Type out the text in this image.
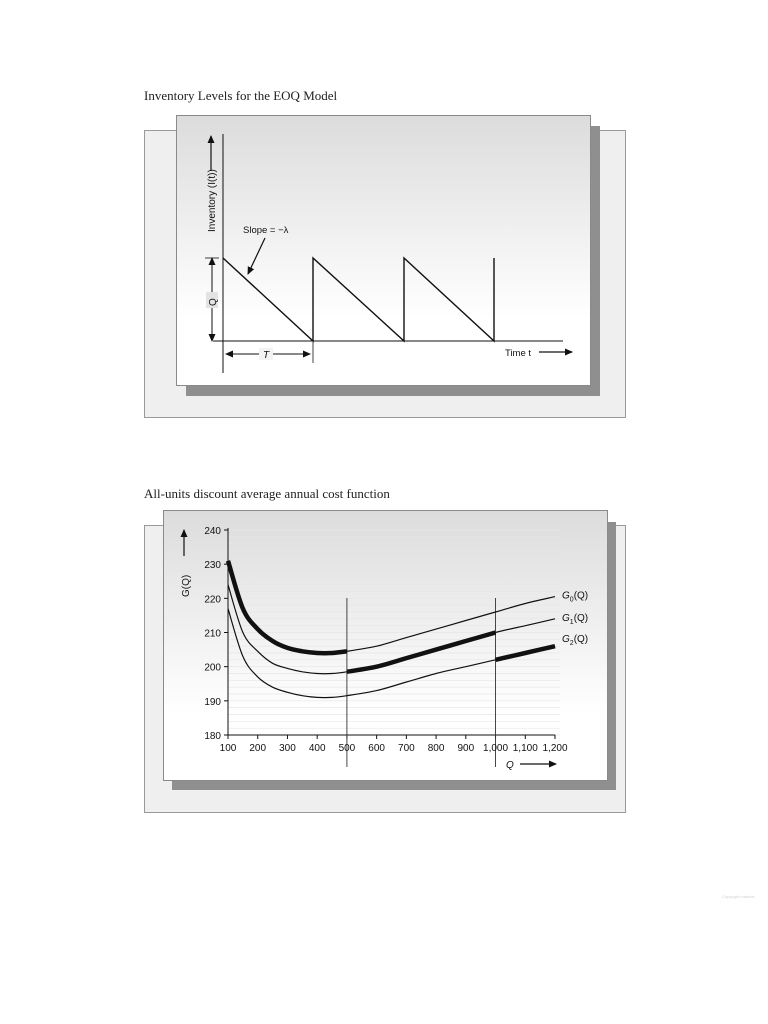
Inventory Levels for the EOQ Model
Inventory (I(t))
Q
Slope = −λ
T	Time t
All-units discount average annual cost function
180
190
200
210
220
230
240
100 200 300 400 500 600 700 800 900 1,000 1,100 1,200
$G_0(Q)$
$G_1(Q)$
$G_2(Q)$
G(Q)
Q
Copyright material
